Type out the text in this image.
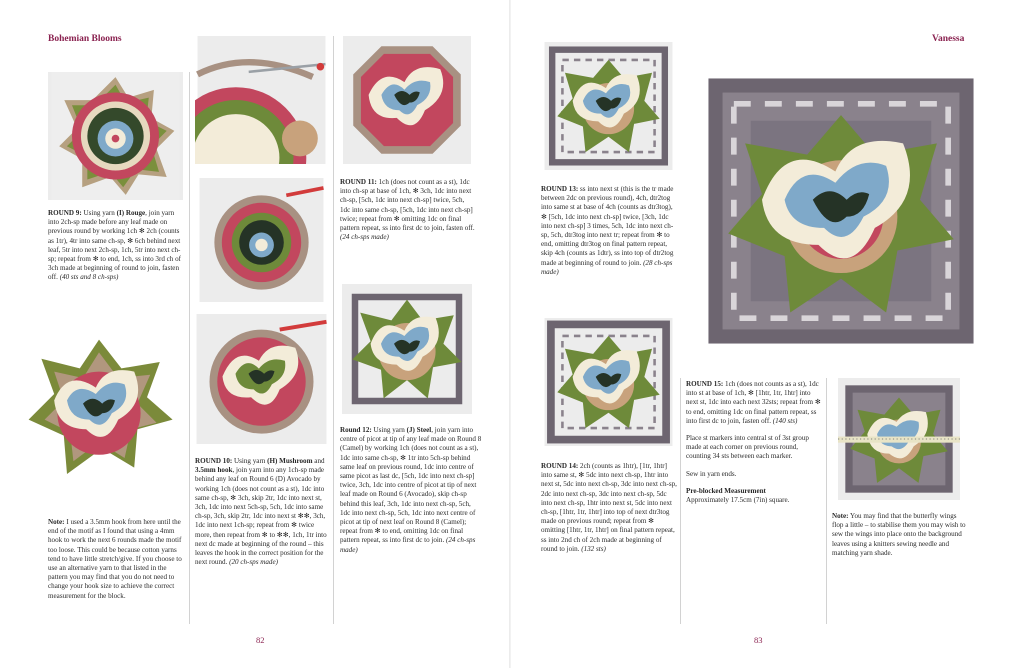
Bohemian Blooms
82
ROUND 9: Using yarn (I) Rouge, join yarn into 2ch-sp made before any leaf made on previous round by working 1ch ✻ 2ch (counts as 1tr), 4tr into same ch-sp, ✻ 6ch behind next leaf, 5tr into next 2ch-sp, 1ch, 5tr into next ch-sp; repeat from ✻ to end, 1ch, ss into 3rd ch of 3ch made at beginning of round to join, fasten off. (40 sts and 8 ch-sps)
Note: I used a 3.5mm hook from here until the end of the motif as I found that using a 4mm hook to work the next 6 rounds made the motif too loose. This could be because cotton yarns tend to have little stretch/give. If you choose to use an alternative yarn to that listed in the pattern you may find that you do not need to change your hook size to achieve the correct measurement for the block.
ROUND 10: Using yarn (H) Mushroom and 3.5mm hook, join yarn into any 1ch-sp made behind any leaf on Round 6 (D) Avocado by working 1ch (does not count as a st), 1dc into same ch-sp, ✻ 3ch, skip 2tr, 1dc into next st, 3ch, 1dc into next 5ch-sp, 5ch, 1dc into same ch-sp, 3ch, skip 2tr, 1dc into next st ✻✻, 3ch, 1dc into next 1ch-sp; repeat from ✻ twice more, then repeat from ✻ to ✻✻, 1ch, 1tr into next dc made at beginning of the round – this leaves the hook in the correct position for the next round. (20 ch-sps made)
ROUND 11: 1ch (does not count as a st), 1dc into ch-sp at base of 1ch, ✻ 3ch, 1dc into next ch-sp, [5ch, 1dc into next ch-sp] twice, 5ch, 1dc into same ch-sp, [5ch, 1dc into next ch-sp] twice; repeat from ✻ omitting 1dc on final pattern repeat, ss into first dc to join, fasten off. (24 ch-sps made)
Round 12: Using yarn (J) Steel, join yarn into centre of picot at tip of any leaf made on Round 8 (Camel) by working 1ch (does not count as a st), 1dc into same ch-sp, ✻ 1tr into 5ch-sp behind same leaf on previous round, 1dc into centre of same picot as last dc, [5ch, 1dc into next ch-sp] twice, 3ch, 1dc into centre of picot at tip of next leaf made on Round 6 (Avocado), skip ch-sp behind this leaf, 3ch, 1dc into next ch-sp, 5ch, 1dc into next ch-sp, 5ch, 1dc into next centre of picot at tip of next leaf on Round 8 (Camel); repeat from ✻ to end, omitting 1dc on final pattern repeat, ss into first dc to join. (24 ch-sps made)
Vanessa
83
ROUND 13: ss into next st (this is the tr made between 2dc on previous round), 4ch, dtr2tog into same st at base of 4ch (counts as dtr3tog), ✻ [5ch, 1dc into next ch-sp] twice, [3ch, 1dc into next ch-sp] 3 times, 5ch, 1dc into next ch-sp, 5ch, dtr3tog into next tr; repeat from ✻ to end, omitting dtr3tog on final pattern repeat, skip 4ch (counts as 1dtr), ss into top of dtr2tog made at beginning of round to join. (28 ch-sps made)
ROUND 14: 2ch (counts as 1htr), [1tr, 1htr] into same st, ✻ 5dc into next ch-sp, 1htr into next st, 5dc into next ch-sp, 3dc into next ch-sp, 2dc into next ch-sp, 3dc into next ch-sp, 5dc into next ch-sp, 1htr into next st, 5dc into next ch-sp, [1htr, 1tr, 1htr] into top of next dtr3tog made on previous round; repeat from ✻ omitting [1htr, 1tr, 1htr] on final pattern repeat, ss into 2nd ch of 2ch made at beginning of round to join. (132 sts)

ROUND 15: 1ch (does not counts as a st), 1dc into st at base of 1ch, ✻ [1htr, 1tr, 1htr] into next st, 1dc into each next 32sts; repeat from ✻ to end, omitting 1dc on final pattern repeat, ss into first dc to join, fasten off. (140 sts)

Place st markers into central st of 3st group made at each corner on previous round, counting 34 sts between each marker.

Sew in yarn ends.

Pre-blocked Measurement
Approximately 17.5cm (7in) square.
Note: You may find that the butterfly wings flop a little – to stabilise them you may wish to sew the wings into place onto the background leaves using a knitters sewing needle and matching yarn shade.
